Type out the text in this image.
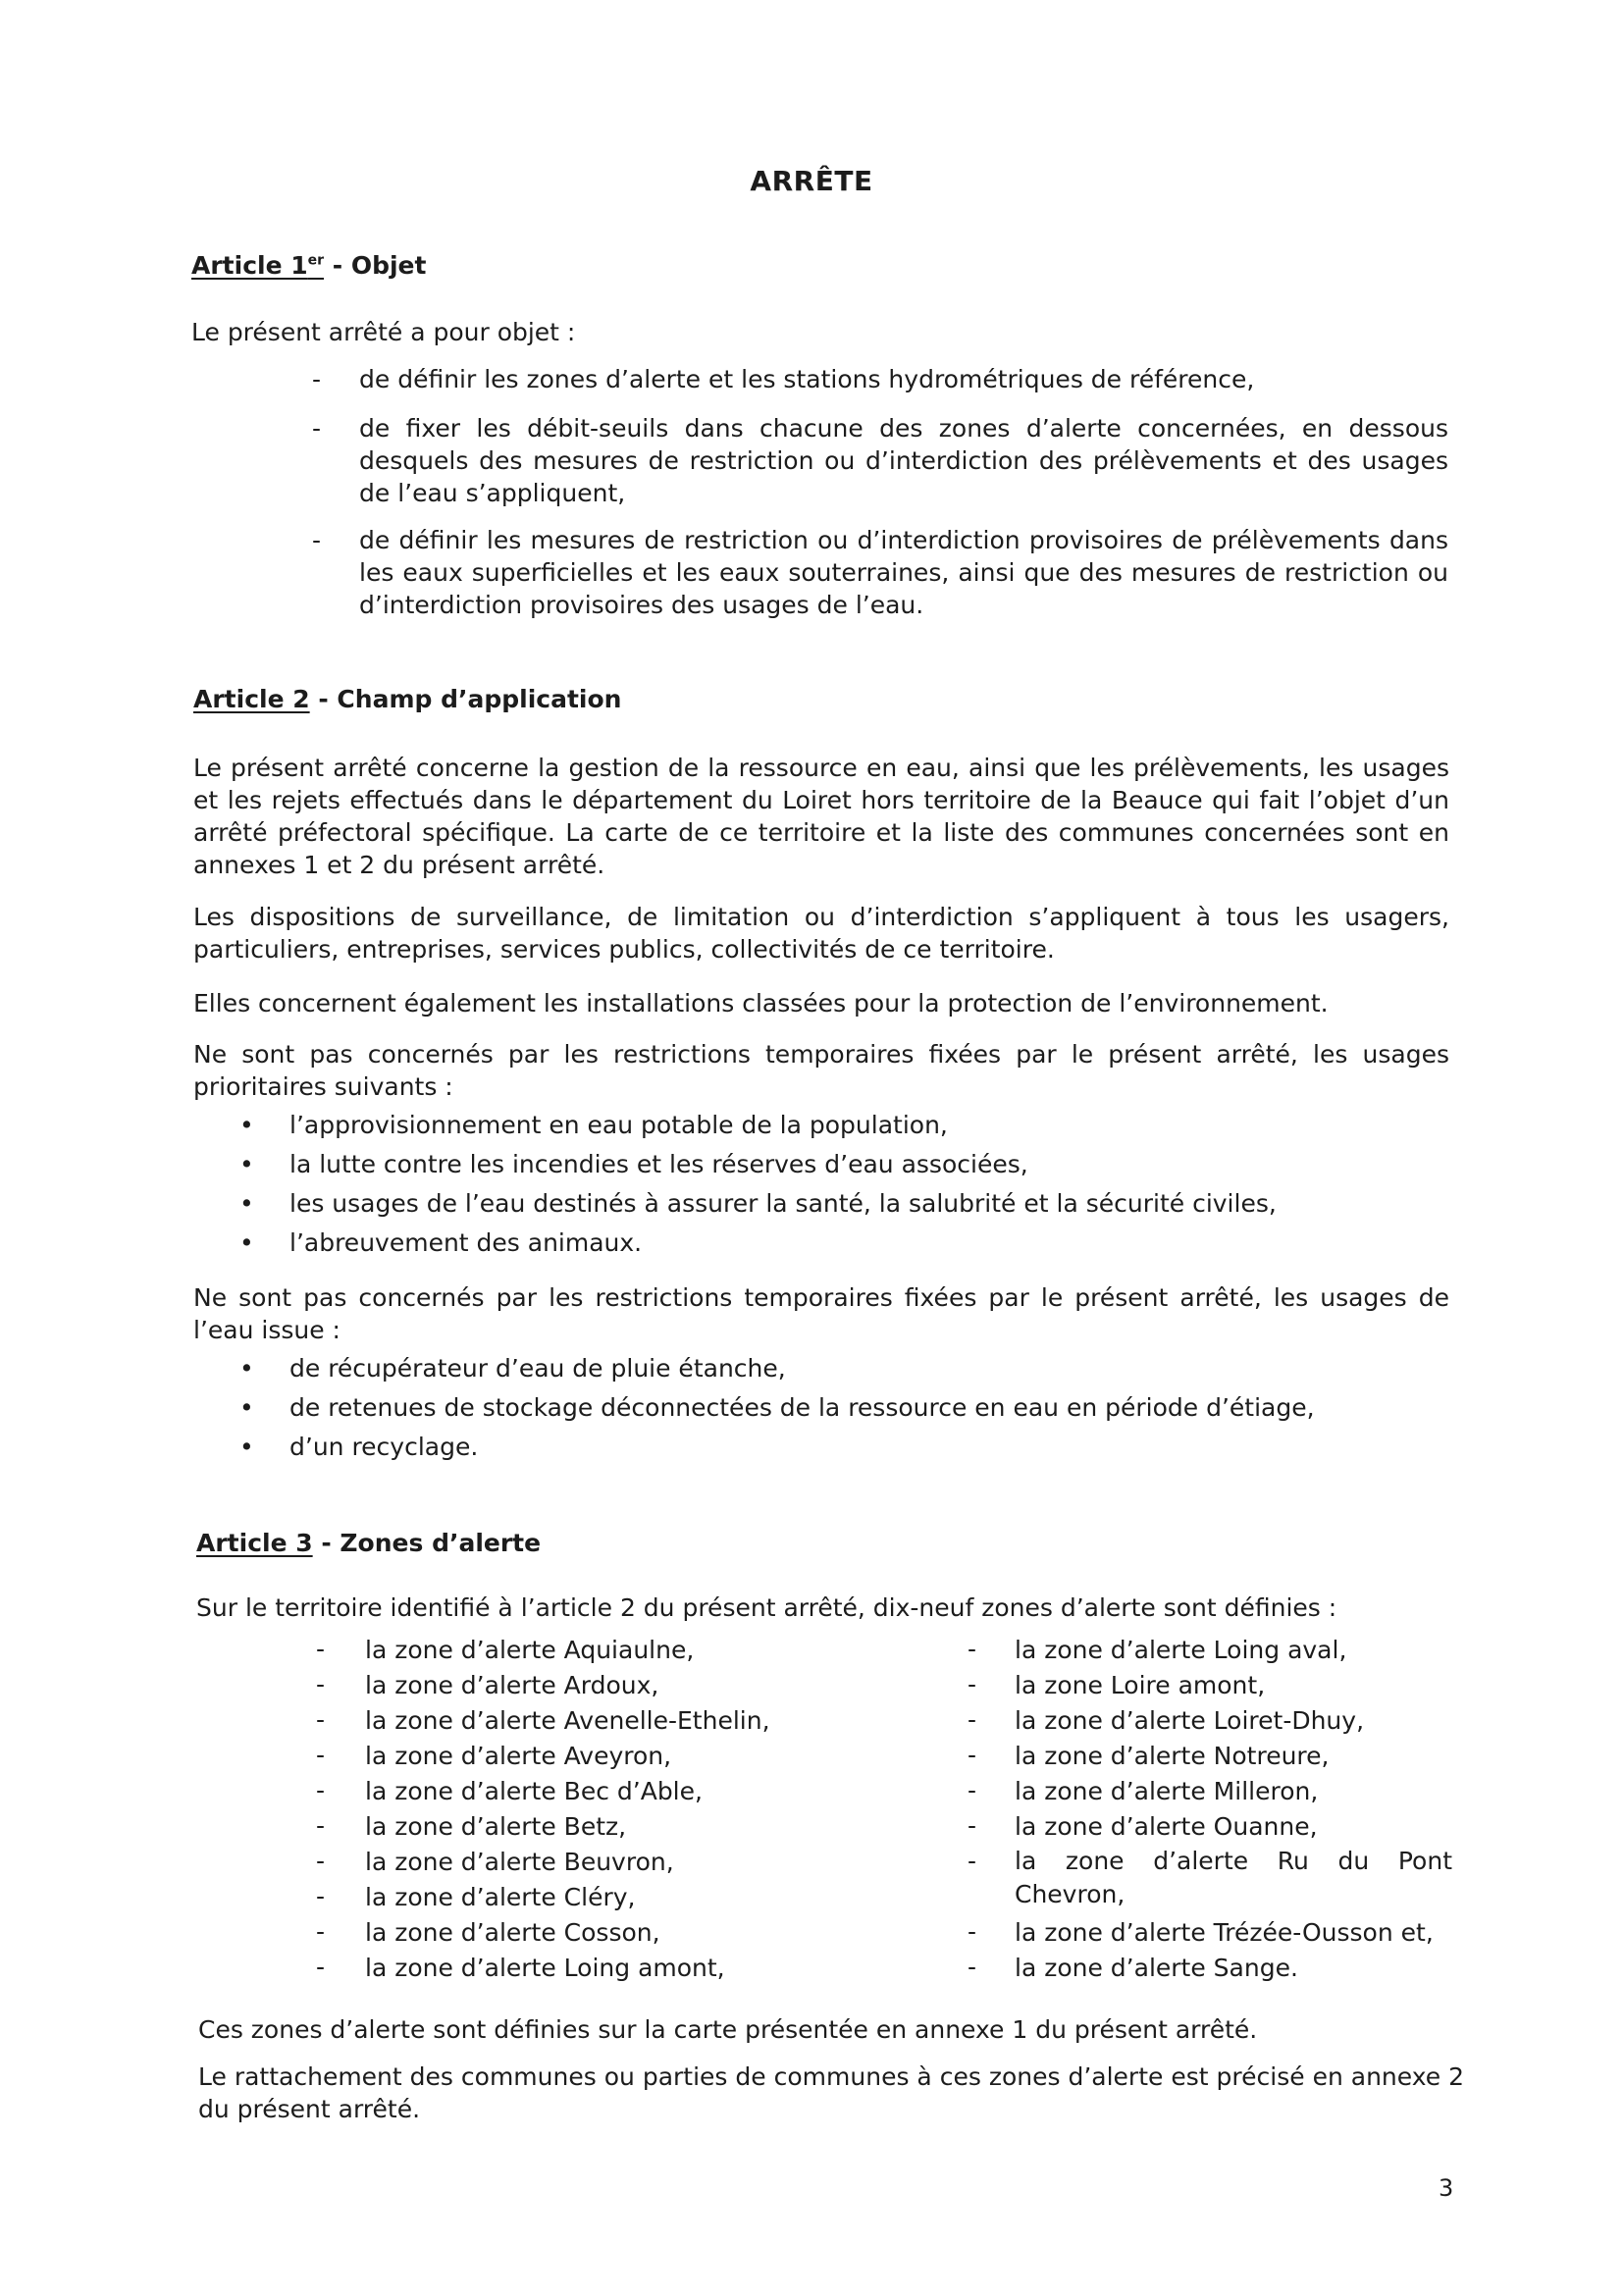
ARRÊTE
Article 1er - Objet
Le présent arrêté a pour objet :
- de définir les zones d’alerte et les stations hydrométriques de référence,
- de fixer les débit-seuils dans chacune des zones d’alerte concernées, en dessous desquels des mesures de restriction ou d’interdiction des prélèvements et des usages de l’eau s’appliquent,
- de définir les mesures de restriction ou d’interdiction provisoires de prélèvements dans les eaux superficielles et les eaux souterraines, ainsi que des mesures de restriction ou d’interdiction provisoires des usages de l’eau.
Article 2 - Champ d’application
Le présent arrêté concerne la gestion de la ressource en eau, ainsi que les prélèvements, les usages et les rejets effectués dans le département du Loiret hors territoire de la Beauce qui fait l’objet d’un arrêté préfectoral spécifique. La carte de ce territoire et la liste des communes concernées sont en annexes 1 et 2 du présent arrêté.
Les dispositions de surveillance, de limitation ou d’interdiction s’appliquent à tous les usagers, particuliers, entreprises, services publics, collectivités de ce territoire.
Elles concernent également les installations classées pour la protection de l’environnement.
Ne sont pas concernés par les restrictions temporaires fixées par le présent arrêté, les usages prioritaires suivants :
• l’approvisionnement en eau potable de la population,
• la lutte contre les incendies et les réserves d’eau associées,
• les usages de l’eau destinés à assurer la santé, la salubrité et la sécurité civiles,
• l’abreuvement des animaux.
Ne sont pas concernés par les restrictions temporaires fixées par le présent arrêté, les usages de l’eau issue :
• de récupérateur d’eau de pluie étanche,
• de retenues de stockage déconnectées de la ressource en eau en période d’étiage,
• d’un recyclage.
Article 3 - Zones d’alerte
Sur le territoire identifié à l’article 2 du présent arrêté, dix-neuf zones d’alerte sont définies :
- la zone d’alerte Aquiaulne,
- la zone d’alerte Ardoux,
- la zone d’alerte Avenelle-Ethelin,
- la zone d’alerte Aveyron,
- la zone d’alerte Bec d’Able,
- la zone d’alerte Betz,
- la zone d’alerte Beuvron,
- la zone d’alerte Cléry,
- la zone d’alerte Cosson,
- la zone d’alerte Loing amont,
- la zone d’alerte Loing aval,
- la zone Loire amont,
- la zone d’alerte Loiret-Dhuy,
- la zone d’alerte Notreure,
- la zone d’alerte Milleron,
- la zone d’alerte Ouanne,
- la zone d’alerte Ru du Pont Chevron,
- la zone d’alerte Trézée-Ousson et,
- la zone d’alerte Sange.
Ces zones d’alerte sont définies sur la carte présentée en annexe 1 du présent arrêté.
Le rattachement des communes ou parties de communes à ces zones d’alerte est précisé en annexe 2 du présent arrêté.
3
